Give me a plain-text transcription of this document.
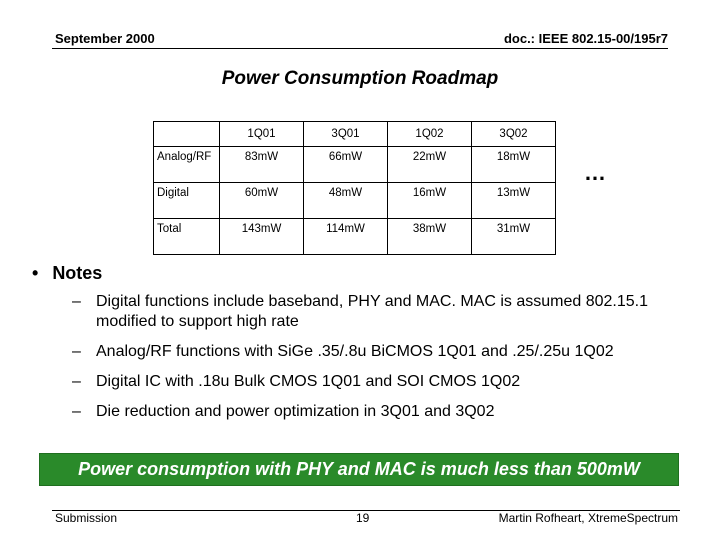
September 2000	doc.: IEEE 802.15-00/195r7
Power Consumption Roadmap
	1Q01	3Q01	1Q02	3Q02
Analog/RF	83mW	66mW	22mW	18mW
Digital	60mW	48mW	16mW	13mW
Total	143mW	114mW	38mW	31mW
…
• Notes
– Digital functions include baseband, PHY and MAC. MAC is assumed 802.15.1 modified to support high rate
– Analog/RF functions with SiGe .35/.8u BiCMOS 1Q01 and .25/.25u 1Q02
– Digital IC with .18u Bulk CMOS 1Q01 and SOI CMOS 1Q02
– Die reduction and power optimization in 3Q01 and 3Q02
Power consumption with PHY and MAC is much less than 500mW
Submission	19	Martin Rofheart, XtremeSpectrum
